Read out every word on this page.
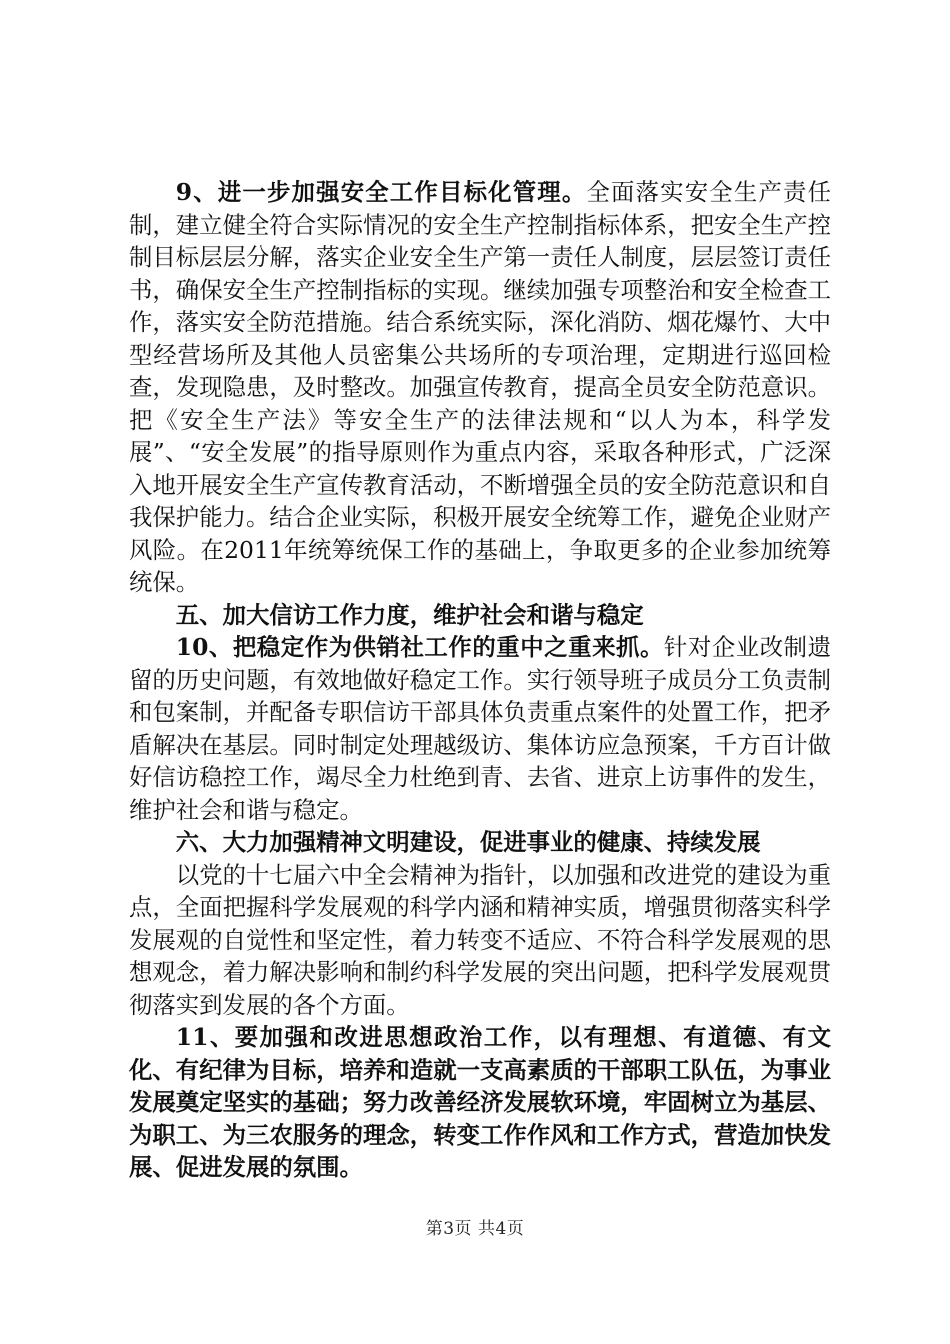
9、进一步加强安全工作目标化管理。全面落实安全生产责任制，建立健全符合实际情况的安全生产控制指标体系，把安全生产控制目标层层分解，落实企业安全生产第一责任人制度，层层签订责任书，确保安全生产控制指标的实现。继续加强专项整治和安全检查工作，落实安全防范措施。结合系统实际，深化消防、烟花爆竹、大中型经营场所及其他人员密集公共场所的专项治理，定期进行巡回检查，发现隐患，及时整改。加强宣传教育，提高全员安全防范意识。把《安全生产法》等安全生产的法律法规和“以人为本，科学发展”、“安全发展”的指导原则作为重点内容，采取各种形式，广泛深入地开展安全生产宣传教育活动，不断增强全员的安全防范意识和自我保护能力。结合企业实际，积极开展安全统筹工作，避免企业财产风险。在2011年统筹统保工作的基础上，争取更多的企业参加统筹统保。

五、加大信访工作力度，维护社会和谐与稳定

10、把稳定作为供销社工作的重中之重来抓。针对企业改制遗留的历史问题，有效地做好稳定工作。实行领导班子成员分工负责制和包案制，并配备专职信访干部具体负责重点案件的处置工作，把矛盾解决在基层。同时制定处理越级访、集体访应急预案，千方百计做好信访稳控工作，竭尽全力杜绝到青、去省、进京上访事件的发生，维护社会和谐与稳定。

六、大力加强精神文明建设，促进事业的健康、持续发展

以党的十七届六中全会精神为指针，以加强和改进党的建设为重点，全面把握科学发展观的科学内涵和精神实质，增强贯彻落实科学发展观的自觉性和坚定性，着力转变不适应、不符合科学发展观的思想观念，着力解决影响和制约科学发展的突出问题，把科学发展观贯彻落实到发展的各个方面。

11、要加强和改进思想政治工作，以有理想、有道德、有文化、有纪律为目标，培养和造就一支高素质的干部职工队伍，为事业发展奠定坚实的基础；努力改善经济发展软环境，牢固树立为基层、为职工、为三农服务的理念，转变工作作风和工作方式，营造加快发展、促进发展的氛围。

第3页 共4页
